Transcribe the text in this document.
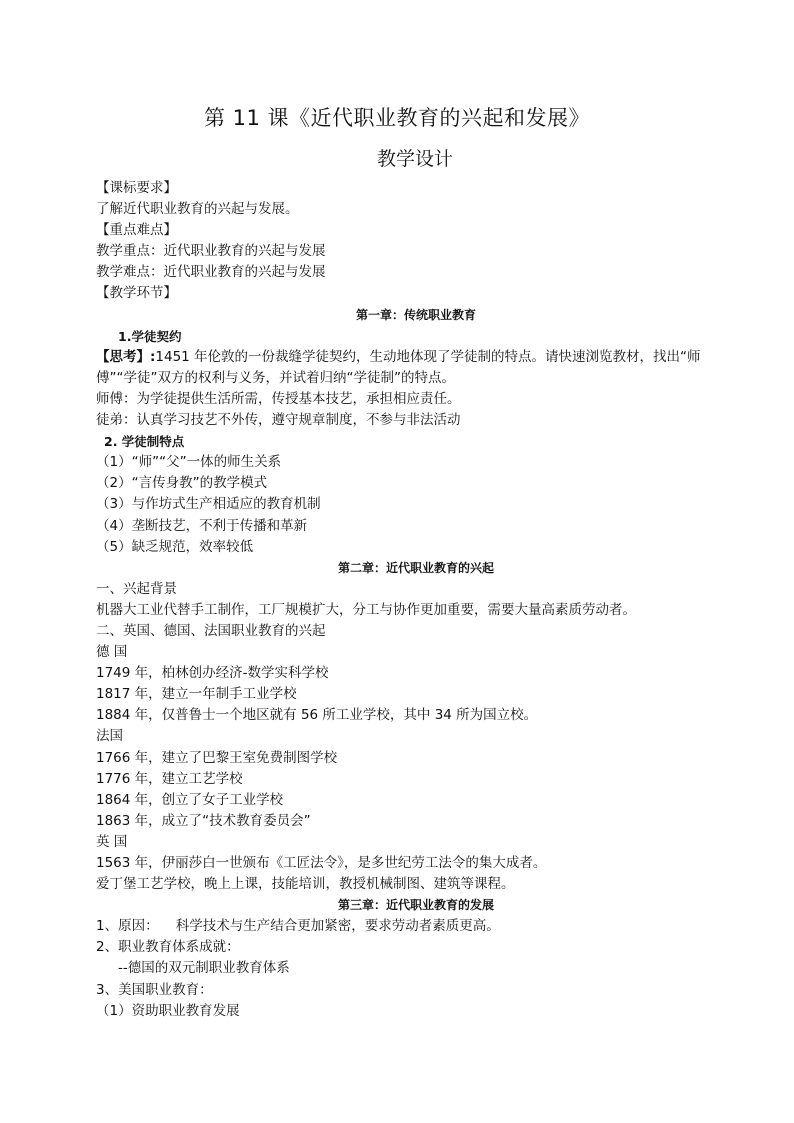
第 11 课《近代职业教育的兴起和发展》
教学设计
【课标要求】
了解近代职业教育的兴起与发展。
【重点难点】
教学重点：近代职业教育的兴起与发展
教学难点：近代职业教育的兴起与发展
【教学环节】
第一章：传统职业教育
1.学徒契约
【思考】:1451 年伦敦的一份裁缝学徒契约，生动地体现了学徒制的特点。请快速浏览教材，找出“师傅”“学徒”双方的权利与义务，并试着归纳“学徒制”的特点。
师傅：为学徒提供生活所需，传授基本技艺，承担相应责任。
徒弟：认真学习技艺不外传，遵守规章制度，不参与非法活动
2. 学徒制特点
（1）“师”“父”一体的师生关系
（2）“言传身教”的教学模式
（3）与作坊式生产相适应的教育机制
（4）垄断技艺，不利于传播和革新
（5）缺乏规范，效率较低
第二章：近代职业教育的兴起
一、兴起背景
机器大工业代替手工制作，工厂规模扩大，分工与协作更加重要，需要大量高素质劳动者。
二、英国、德国、法国职业教育的兴起
德 国
1749 年，柏林创办经济-数学实科学校
1817 年，建立一年制手工业学校
1884 年，仅普鲁士一个地区就有 56 所工业学校，其中 34 所为国立校。
法国
1766 年，建立了巴黎王室免费制图学校
1776 年，建立工艺学校
1864 年，创立了女子工业学校
1863 年，成立了“技术教育委员会”
英 国
1563 年，伊丽莎白一世颁布《工匠法令》，是多世纪劳工法令的集大成者。
爱丁堡工艺学校，晚上上课，技能培训，教授机械制图、建筑等课程。
第三章：近代职业教育的发展
1、原因：    科学技术与生产结合更加紧密，要求劳动者素质更高。
2、职业教育体系成就：
--德国的双元制职业教育体系
3、美国职业教育：
（1）资助职业教育发展
